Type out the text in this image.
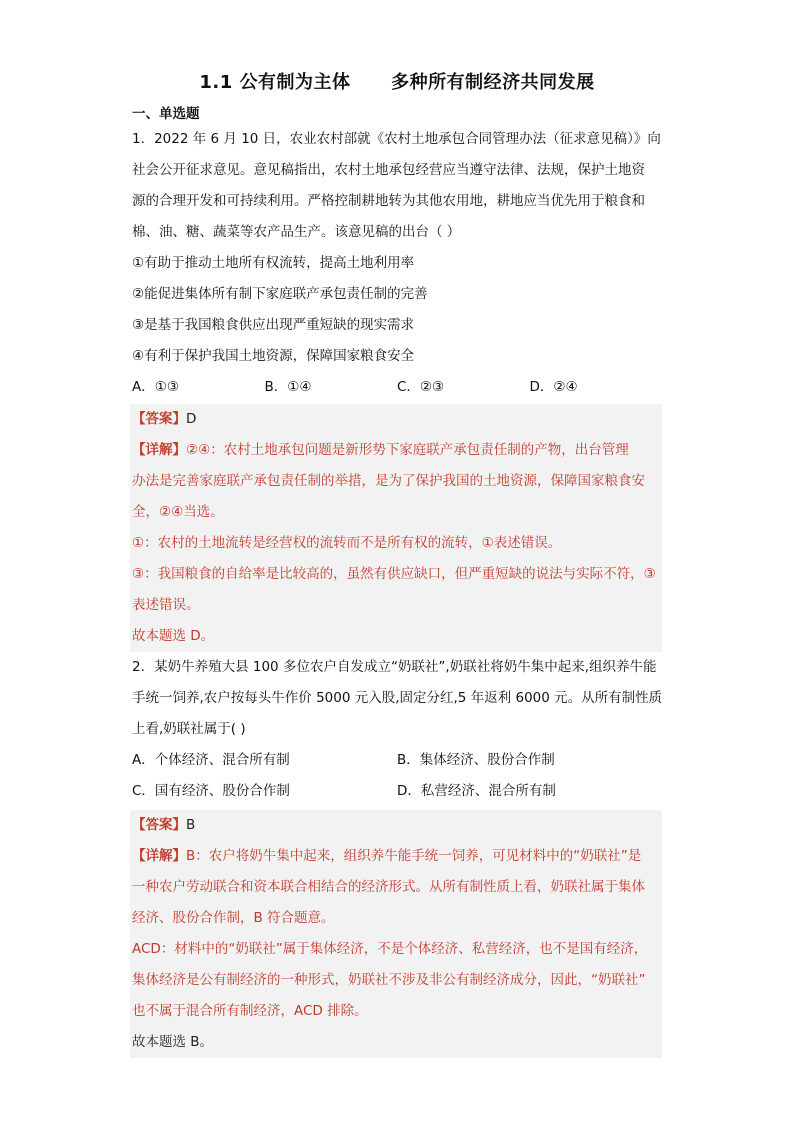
1.1 公有制为主体      多种所有制经济共同发展
一、单选题
1．2022 年 6 月 10 日，农业农村部就《农村土地承包合同管理办法（征求意见稿）》向
社会公开征求意见。意见稿指出，农村土地承包经营应当遵守法律、法规，保护土地资
源的合理开发和可持续利用。严格控制耕地转为其他农用地，耕地应当优先用于粮食和
棉、油、糖、蔬菜等农产品生产。该意见稿的出台（ ）
①有助于推动土地所有权流转，提高土地利用率
②能促进集体所有制下家庭联产承包责任制的完善
③是基于我国粮食供应出现严重短缺的现实需求
④有利于保护我国土地资源，保障国家粮食安全
A．①③	B．①④	C．②③	D．②④
【答案】D
【详解】②④：农村土地承包问题是新形势下家庭联产承包责任制的产物，出台管理
办法是完善家庭联产承包责任制的举措，是为了保护我国的土地资源，保障国家粮食安
全，②④当选。
①：农村的土地流转是经营权的流转而不是所有权的流转，①表述错误。
③：我国粮食的自给率是比较高的，虽然有供应缺口，但严重短缺的说法与实际不符，③
表述错误。
故本题选 D。
2．某奶牛养殖大县 100 多位农户自发成立“奶联社”,奶联社将奶牛集中起来,组织养牛能
手统一饲养,农户按每头牛作价 5000 元入股,固定分红,5 年返利 6000 元。从所有制性质
上看,奶联社属于( )
A．个体经济、混合所有制	B．集体经济、股份合作制
C．国有经济、股份合作制	D．私营经济、混合所有制
【答案】B
【详解】B：农户将奶牛集中起来，组织养牛能手统一饲养，可见材料中的“奶联社”是
一种农户劳动联合和资本联合相结合的经济形式。从所有制性质上看，奶联社属于集体
经济、股份合作制，B 符合题意。
ACD：材料中的“奶联社”属于集体经济，不是个体经济、私营经济，也不是国有经济，
集体经济是公有制经济的一种形式，奶联社不涉及非公有制经济成分，因此，“奶联社”
也不属于混合所有制经济，ACD 排除。
故本题选 B。
